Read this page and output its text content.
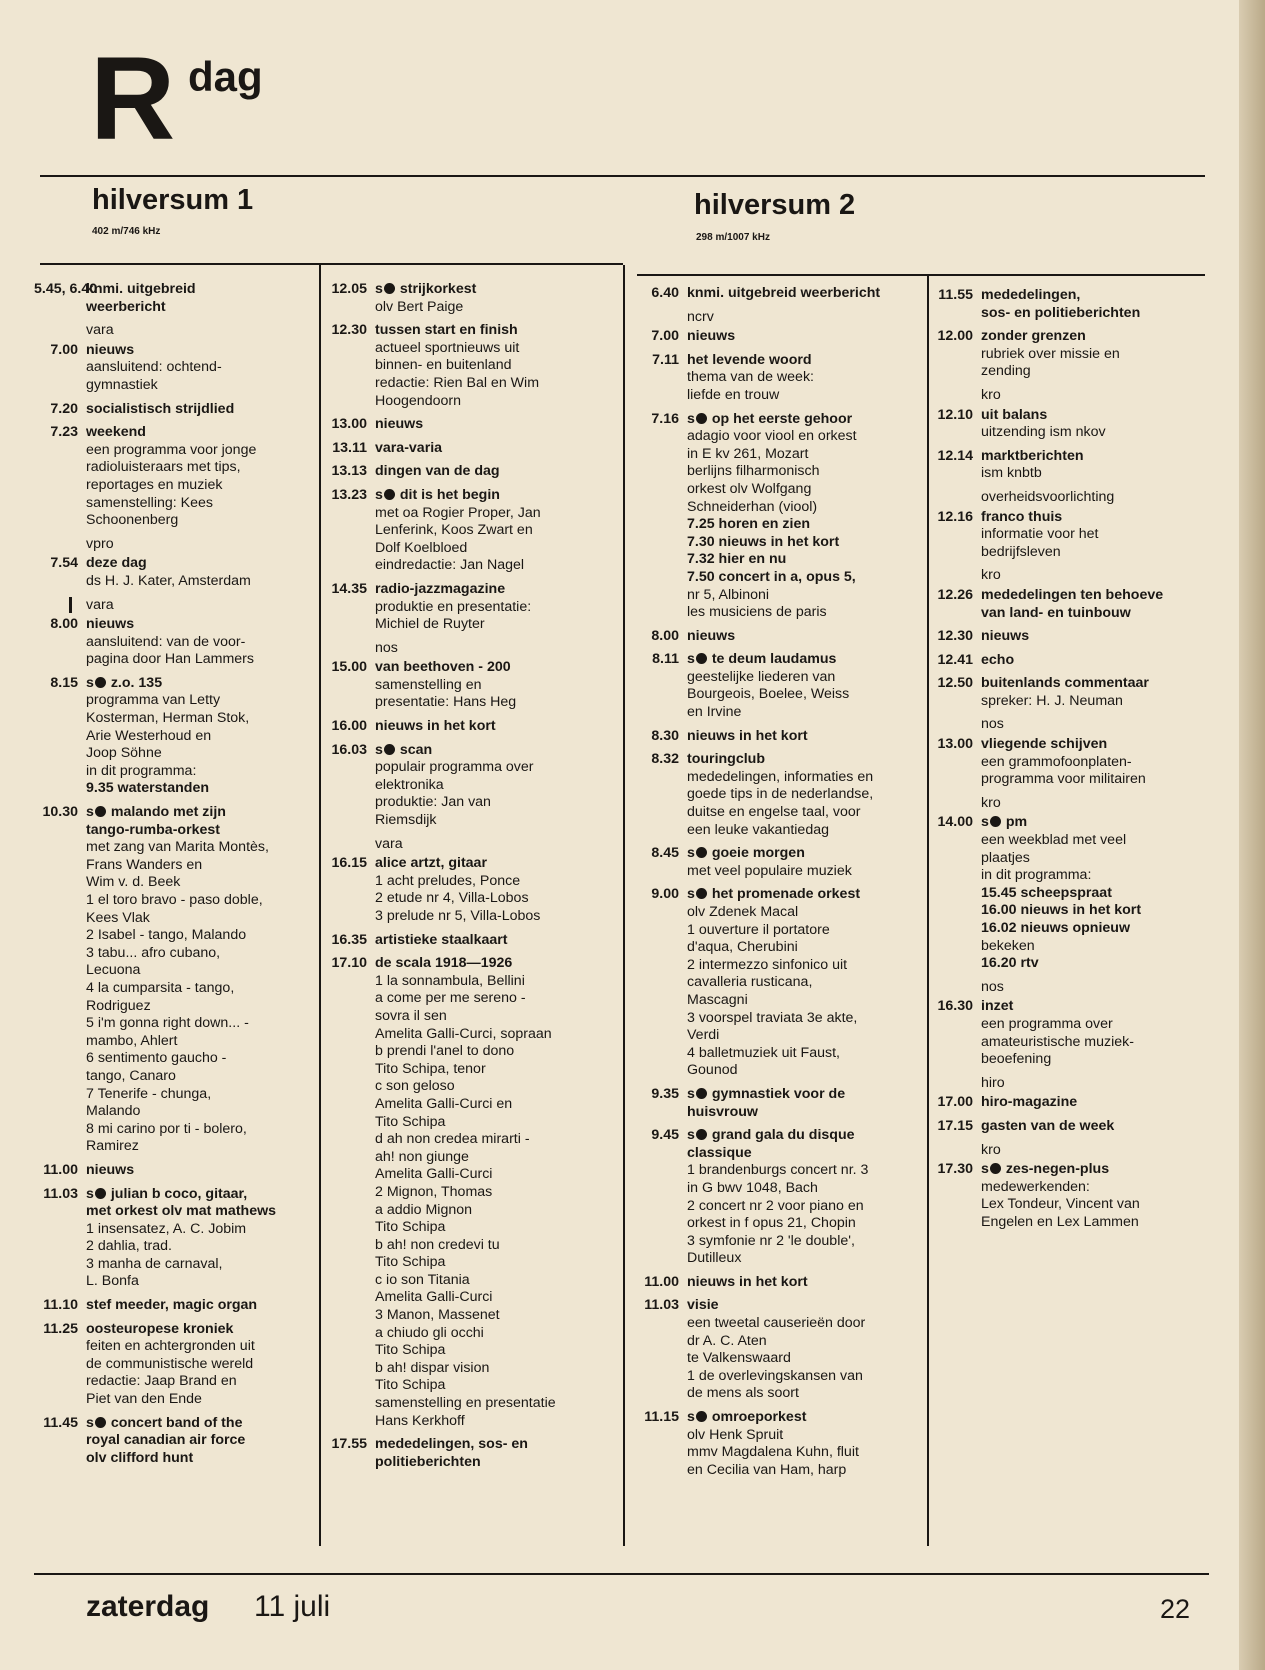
R dag
hilversum 1
402 m/746 kHz
hilversum 2
298 m/1007 kHz
5.45, 6.40
knmi. uitgebreid
weerbericht
vara
7.00 nieuws
aansluitend: ochtend-
gymnastiek
7.20 socialistisch strijdlied
7.23 weekend
een programma voor jonge
radioluisteraars met tips,
reportages en muziek
samenstelling: Kees
Schoonenberg
vpro
7.54 deze dag
ds H. J. Kater, Amsterdam
vara
8.00 nieuws
aansluitend: van de voor-
pagina door Han Lammers
8.15 s z.o. 135
programma van Letty
Kosterman, Herman Stok,
Arie Westerhoud en
Joop Söhne
in dit programma:
9.35 waterstanden
10.30 s malando met zijn
tango-rumba-orkest
met zang van Marita Montès,
Frans Wanders en
Wim v. d. Beek
1 el toro bravo - paso doble,
Kees Vlak
2 Isabel - tango, Malando
3 tabu... afro cubano,
Lecuona
4 la cumparsita - tango,
Rodriguez
5 i'm gonna right down... -
mambo, Ahlert
6 sentimento gaucho -
tango, Canaro
7 Tenerife - chunga,
Malando
8 mi carino por ti - bolero,
Ramirez
11.00 nieuws
11.03 s julian b coco, gitaar,
met orkest olv mat mathews
1 insensatez, A. C. Jobim
2 dahlia, trad.
3 manha de carnaval,
L. Bonfa
11.10 stef meeder, magic organ
11.25 oosteuropese kroniek
feiten en achtergronden uit
de communistische wereld
redactie: Jaap Brand en
Piet van den Ende
11.45 s concert band of the
royal canadian air force
olv clifford hunt
12.05 s strijkorkest
olv Bert Paige
12.30 tussen start en finish
actueel sportnieuws uit
binnen- en buitenland
redactie: Rien Bal en Wim
Hoogendoorn
13.00 nieuws
13.11 vara-varia
13.13 dingen van de dag
13.23 s dit is het begin
met oa Rogier Proper, Jan
Lenferink, Koos Zwart en
Dolf Koelbloed
eindredactie: Jan Nagel
14.35 radio-jazzmagazine
produktie en presentatie:
Michiel de Ruyter
nos
15.00 van beethoven - 200
samenstelling en
presentatie: Hans Heg
16.00 nieuws in het kort
16.03 s scan
populair programma over
elektronika
produktie: Jan van
Riemsdijk
vara
16.15 alice artzt, gitaar
1 acht preludes, Ponce
2 etude nr 4, Villa-Lobos
3 prelude nr 5, Villa-Lobos
16.35 artistieke staalkaart
17.10 de scala 1918—1926
1 la sonnambula, Bellini
a come per me sereno -
sovra il sen
Amelita Galli-Curci, sopraan
b prendi l'anel to dono
Tito Schipa, tenor
c son geloso
Amelita Galli-Curci en
Tito Schipa
d ah non credea mirarti -
ah! non giunge
Amelita Galli-Curci
2 Mignon, Thomas
a addio Mignon
Tito Schipa
b ah! non credevi tu
Tito Schipa
c io son Titania
Amelita Galli-Curci
3 Manon, Massenet
a chiudo gli occhi
Tito Schipa
b ah! dispar vision
Tito Schipa
samenstelling en presentatie
Hans Kerkhoff
17.55 mededelingen, sos- en
politieberichten
6.40 knmi. uitgebreid weerbericht
ncrv
7.00 nieuws
7.11 het levende woord
thema van de week:
liefde en trouw
7.16 s op het eerste gehoor
adagio voor viool en orkest
in E kv 261, Mozart
berlijns filharmonisch
orkest olv Wolfgang
Schneiderhan (viool)
7.25 horen en zien
7.30 nieuws in het kort
7.32 hier en nu
7.50 concert in a, opus 5,
nr 5, Albinoni
les musiciens de paris
8.00 nieuws
8.11 s te deum laudamus
geestelijke liederen van
Bourgeois, Boelee, Weiss
en Irvine
8.30 nieuws in het kort
8.32 touringclub
mededelingen, informaties en
goede tips in de nederlandse,
duitse en engelse taal, voor
een leuke vakantiedag
8.45 s goeie morgen
met veel populaire muziek
9.00 s het promenade orkest
olv Zdenek Macal
1 ouverture il portatore
d'aqua, Cherubini
2 intermezzo sinfonico uit
cavalleria rusticana,
Mascagni
3 voorspel traviata 3e akte,
Verdi
4 balletmuziek uit Faust,
Gounod
9.35 s gymnastiek voor de
huisvrouw
9.45 s grand gala du disque
classique
1 brandenburgs concert nr. 3
in G bwv 1048, Bach
2 concert nr 2 voor piano en
orkest in f opus 21, Chopin
3 symfonie nr 2 'le double',
Dutilleux
11.00 nieuws in het kort
11.03 visie
een tweetal causerieën door
dr A. C. Aten
te Valkenswaard
1 de overlevingskansen van
de mens als soort
11.15 s omroeporkest
olv Henk Spruit
mmv Magdalena Kuhn, fluit
en Cecilia van Ham, harp
11.55 mededelingen,
sos- en politieberichten
12.00 zonder grenzen
rubriek over missie en
zending
kro
12.10 uit balans
uitzending ism nkov
12.14 marktberichten
ism knbtb
overheidsvoorlichting
12.16 franco thuis
informatie voor het
bedrijfsleven
kro
12.26 mededelingen ten behoeve
van land- en tuinbouw
12.30 nieuws
12.41 echo
12.50 buitenlands commentaar
spreker: H. J. Neuman
nos
13.00 vliegende schijven
een grammofoonplaten-
programma voor militairen
kro
14.00 s pm
een weekblad met veel
plaatjes
in dit programma:
15.45 scheepspraat
16.00 nieuws in het kort
16.02 nieuws opnieuw
bekeken
16.20 rtv
nos
16.30 inzet
een programma over
amateuristische muziek-
beoefening
hiro
17.00 hiro-magazine
17.15 gasten van de week
kro
17.30 s zes-negen-plus
medewerkenden:
Lex Tondeur, Vincent van
Engelen en Lex Lammen
zaterdag 11 juli	22
